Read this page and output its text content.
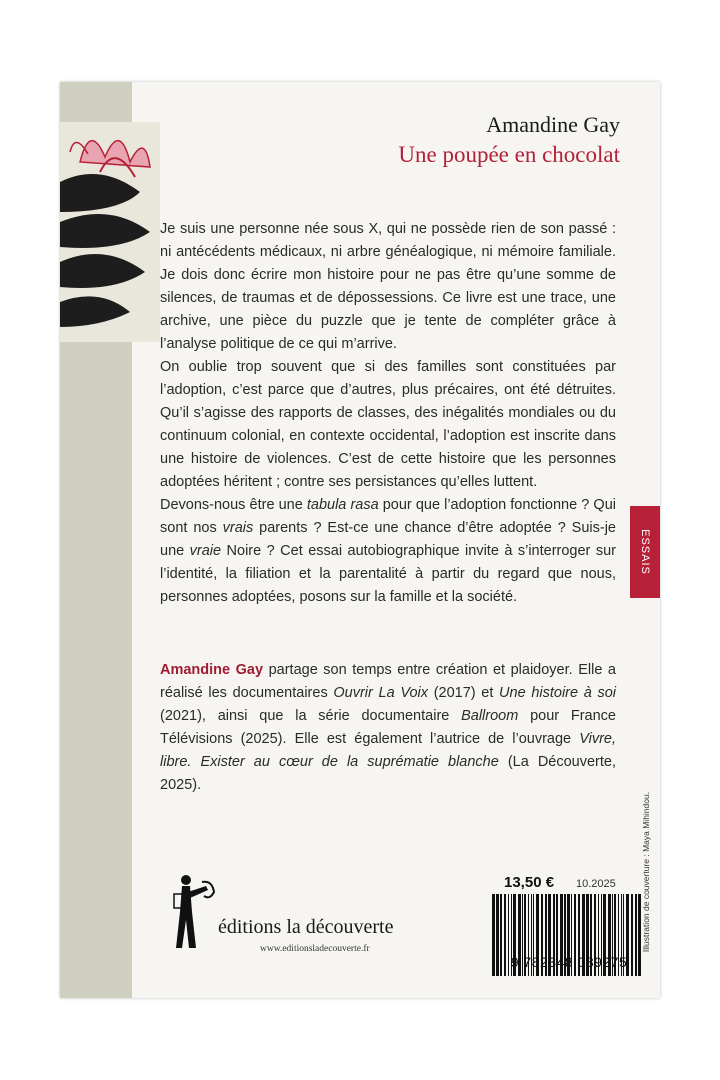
Amandine Gay
Une poupée en chocolat

Je suis une personne née sous X, qui ne possède rien de son passé : ni antécédents médicaux, ni arbre généalogique, ni mémoire familiale. Je dois donc écrire mon histoire pour ne pas être qu’une somme de silences, de traumas et de dépossessions. Ce livre est une trace, une archive, une pièce du puzzle que je tente de compléter grâce à l’analyse politique de ce qui m’arrive.

On oublie trop souvent que si des familles sont constituées par l’adoption, c’est parce que d’autres, plus précaires, ont été détruites. Qu’il s’agisse des rapports de classes, des inégalités mondiales ou du continuum colonial, en contexte occidental, l’adoption est inscrite dans une histoire de violences. C’est de cette histoire que les personnes adoptées héritent ; contre ses persistances qu’elles luttent.

Devons-nous être une tabula rasa pour que l’adoption fonctionne ? Qui sont nos vrais parents ? Est-ce une chance d’être adoptée ? Suis-je une vraie Noire ? Cet essai autobiographique invite à s’interroger sur l’identité, la filiation et la parentalité à partir du regard que nous, personnes adoptées, posons sur la famille et la société.

Amandine Gay partage son temps entre création et plaidoyer. Elle a réalisé les documentaires Ouvrir La Voix (2017) et Une histoire à soi (2021), ainsi que la série documentaire Ballroom pour France Télévisions (2025). Elle est également l’autrice de l’ouvrage Vivre, libre. Exister au cœur de la suprématie blanche (La Découverte, 2025).

ESSAIS
Illustration de couverture : Maya Mihindou.
éditions la découverte
www.editionsladecouverte.fr
13,50 € 10.2025
9 782348 089275
